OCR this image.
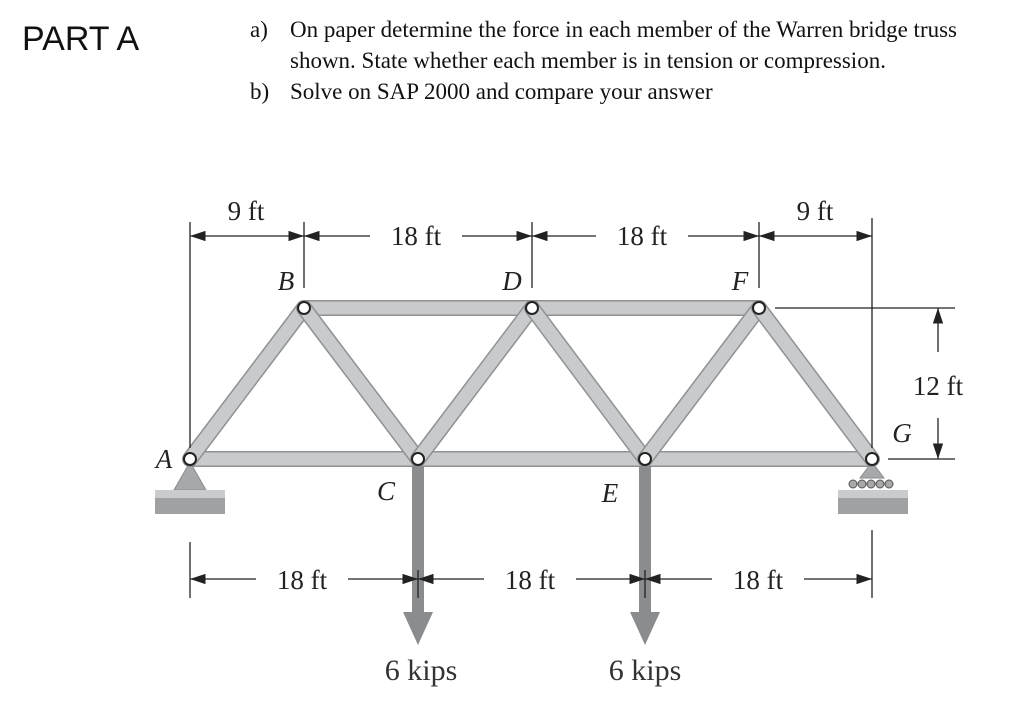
PART A	a) On paper determine the force in each member of the Warren bridge truss shown. State whether each member is in tension or compression.
b) Solve on SAP 2000 and compare your answer
9 ft
18 ft	18 ft
9 ft
18 ft	18 ft	18 ft
12 ft
A
B
C
D
E
F
G
6 kips	6 kips
